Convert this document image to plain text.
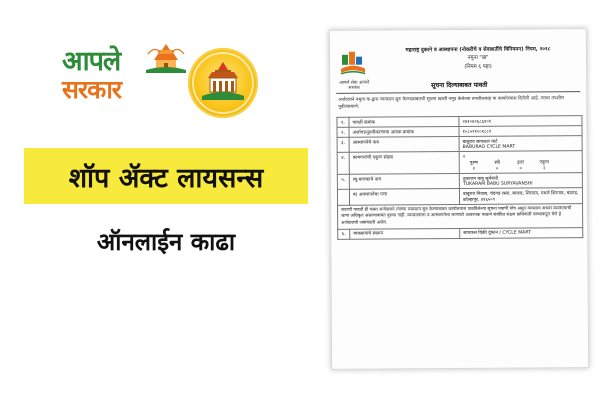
आपले
सरकार
शॉप ॲक्ट लायसन्स
ऑनलाईन काढा
आपले सेवा आपले सरकार
महाराष्ट्र दुकाने व आस्थापना (नोकरीचे व सेवाशर्तीचे विनियमन) नियम, २०१८
नमुना "ख"
(नियम ६ पहा)
सूचना दिल्याबाबत पावती
अर्जदाराने नमुना क-द्वारा व्यवसाय सुरु केल्याबाबतची सूचना खाली नमूद केलेल्या तपशीलासह या कार्यालयास दिलेली आहे. त्याचा तपशील पुढीलप्रमाणे:
१.	पावती क्रमांक	२४१०४२६८६१०१
२.	अर्जाचा/नूतनीकरणाचा आवक क्रमांक	१०८५२१००१८८१
३.	आस्थापनेचे नाव	बाबूराव सायकल मार्ट
BABURAO CYCLE MART

४.	कामगारांची एकूण संख्या	२
पुरुष स्त्री इतर एकूण
२ ० ० २

५.	व्यु.मालकाचे नाव	तुकाराम बाबू सूर्यवंशी
TUKARAM BABU SURYAVANSHI

	ब) आस्थापनेचा पत्ता	बाबूराव निवास, चंदगड रस्ता, बाजार, शिरगाव, मधले शिरगाव, चंदगड, कोल्हापूर, ४१६५०९
सदरची पावती ही फक्त अर्जदाराने त्याच्या व्यवसाय सुरु केल्याबाबत कार्यालयास पाठविलेल्या सूचना पत्राची पोच असून व्यवसाय अथवा व्यवसायाची जागा अधिकृत असल्याबाबत पुरावा नाही. व्यवसायाला व आस्थापनेला लागणारे आवश्यक परवाने संबंधित सक्षम प्राधिकारी यांच्याकडून घेणे हे अर्जदाराची जबाबदारी असेल.		
६.	व्यवसायाचे स्वरूप	सायकल विक्री दुकान / CYCLE MART
